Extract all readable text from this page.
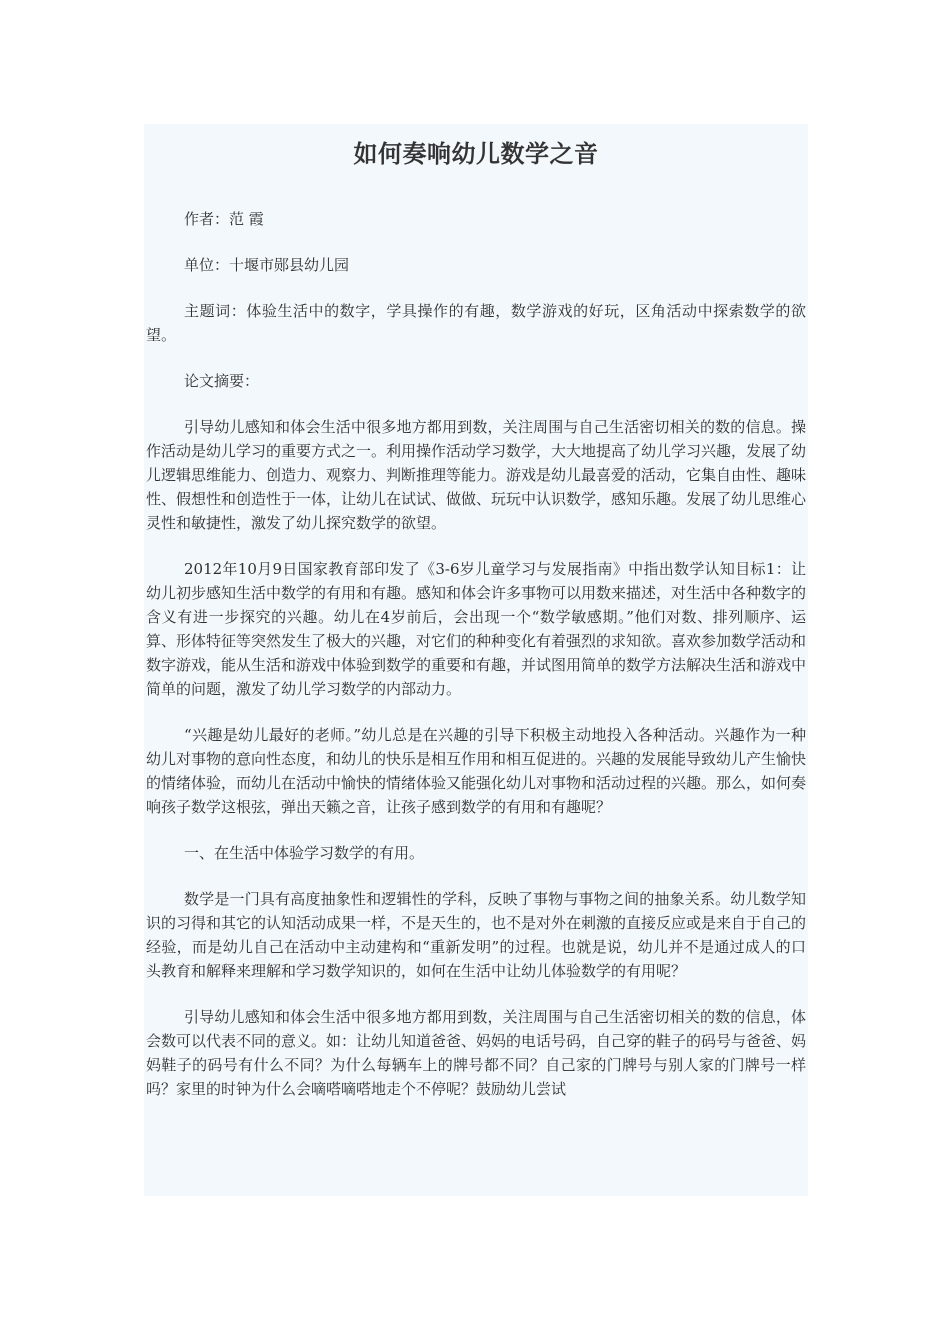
如何奏响幼儿数学之音

作者：范 霞

单位：十堰市郧县幼儿园

主题词：体验生活中的数字，学具操作的有趣，数学游戏的好玩，区角活动中探索数学的欲望。

论文摘要：

引导幼儿感知和体会生活中很多地方都用到数，关注周围与自己生活密切相关的数的信息。操作活动是幼儿学习的重要方式之一。利用操作活动学习数学，大大地提高了幼儿学习兴趣，发展了幼儿逻辑思维能力、创造力、观察力、判断推理等能力。游戏是幼儿最喜爱的活动，它集自由性、趣味性、假想性和创造性于一体，让幼儿在试试、做做、玩玩中认识数学，感知乐趣。发展了幼儿思维心灵性和敏捷性，激发了幼儿探究数学的欲望。

2012年10月9日国家教育部印发了《3-6岁儿童学习与发展指南》中指出数学认知目标1：让幼儿初步感知生活中数学的有用和有趣。感知和体会许多事物可以用数来描述，对生活中各种数字的含义有进一步探究的兴趣。幼儿在4岁前后，会出现一个“数学敏感期。”他们对数、排列顺序、运算、形体特征等突然发生了极大的兴趣，对它们的种种变化有着强烈的求知欲。喜欢参加数学活动和数字游戏，能从生活和游戏中体验到数学的重要和有趣，并试图用简单的数学方法解决生活和游戏中简单的问题，激发了幼儿学习数学的内部动力。

“兴趣是幼儿最好的老师。”幼儿总是在兴趣的引导下积极主动地投入各种活动。兴趣作为一种幼儿对事物的意向性态度，和幼儿的快乐是相互作用和相互促进的。兴趣的发展能导致幼儿产生愉快的情绪体验，而幼儿在活动中愉快的情绪体验又能强化幼儿对事物和活动过程的兴趣。那么，如何奏响孩子数学这根弦，弹出天籁之音，让孩子感到数学的有用和有趣呢？

一、在生活中体验学习数学的有用。

数学是一门具有高度抽象性和逻辑性的学科，反映了事物与事物之间的抽象关系。幼儿数学知识的习得和其它的认知活动成果一样，不是天生的，也不是对外在刺激的直接反应或是来自于自己的经验，而是幼儿自己在活动中主动建构和“重新发明”的过程。也就是说，幼儿并不是通过成人的口头教育和解释来理解和学习数学知识的，如何在生活中让幼儿体验数学的有用呢？

引导幼儿感知和体会生活中很多地方都用到数，关注周围与自己生活密切相关的数的信息，体会数可以代表不同的意义。如：让幼儿知道爸爸、妈妈的电话号码，自己穿的鞋子的码号与爸爸、妈妈鞋子的码号有什么不同？为什么每辆车上的牌号都不同？自己家的门牌号与别人家的门牌号一样吗？家里的时钟为什么会嘀嗒嘀嗒地走个不停呢？鼓励幼儿尝试
